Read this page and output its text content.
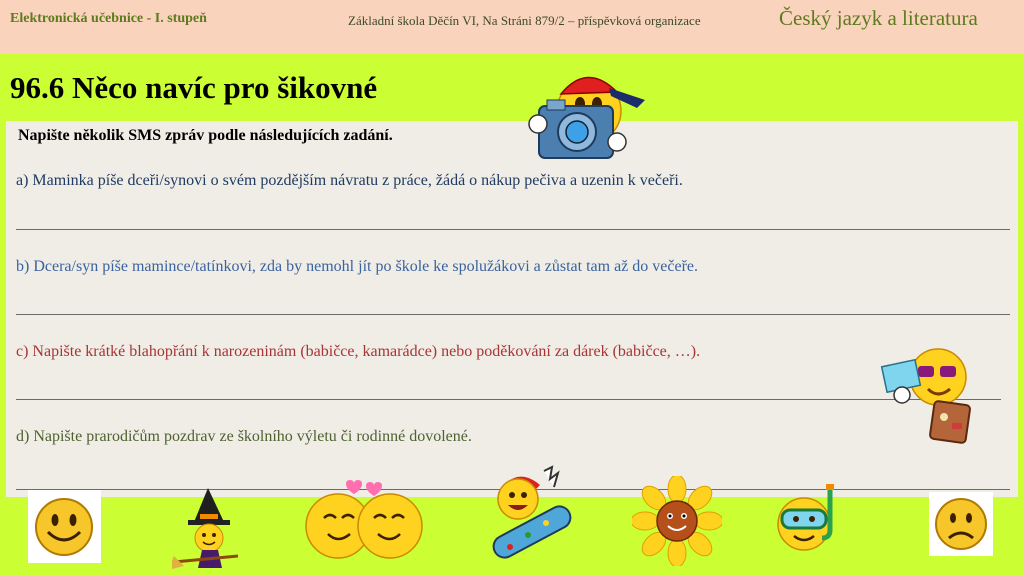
Elektronická učebnice - I. stupeň	Základní škola Děčín VI, Na Stráni 879/2 – příspěvková organizace	Český jazyk a literatura
96.6 Něco navíc pro šikovné
Napište několik SMS zpráv podle následujících zadání.
a) Maminka píše dceři/synovi o svém pozdějším návratu z práce, žádá o nákup pečiva a uzenin k večeři.
b) Dcera/syn píše mamince/tatínkovi, zda by nemohl jít po škole ke spolužákovi a zůstat tam až do večeře.
c) Napište krátké blahopřání k narozeninám (babičce, kamarádce) nebo poděkování za dárek (babičce, …).
d) Napište prarodičům pozdrav ze školního výletu či rodinné dovolené.
